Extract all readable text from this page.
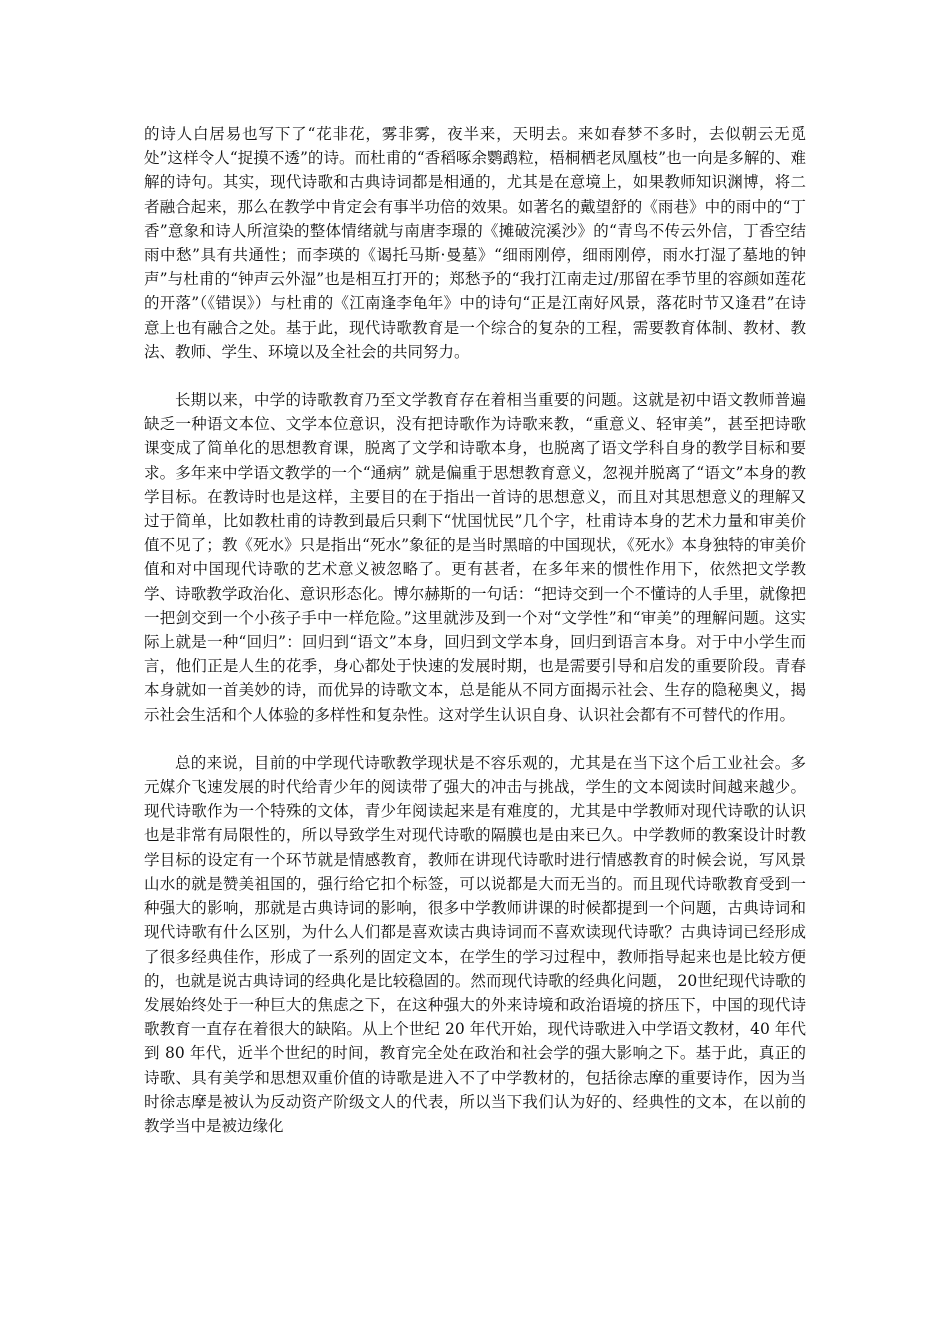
的诗人白居易也写下了“花非花，雾非雾，夜半来，天明去。来如春梦不多时，去似朝云无觅处”这样令人“捉摸不透”的诗。而杜甫的“香稻啄余鹦鹉粒，梧桐栖老凤凰枝”也一向是多解的、难解的诗句。其实，现代诗歌和古典诗词都是相通的，尤其是在意境上，如果教师知识渊博，将二者融合起来，那么在教学中肯定会有事半功倍的效果。如著名的戴望舒的《雨巷》中的雨中的“丁香”意象和诗人所渲染的整体情绪就与南唐李璟的《摊破浣溪沙》的“青鸟不传云外信，丁香空结雨中愁”具有共通性；而李瑛的《谒托马斯·曼墓》“细雨刚停，细雨刚停，雨水打湿了墓地的钟声”与杜甫的“钟声云外湿”也是相互打开的；郑愁予的“我打江南走过/那留在季节里的容颜如莲花的开落”（《错误》）与杜甫的《江南逢李龟年》中的诗句“正是江南好风景，落花时节又逢君”在诗意上也有融合之处。基于此，现代诗歌教育是一个综合的复杂的工程，需要教育体制、教材、教法、教师、学生、环境以及全社会的共同努力。

长期以来，中学的诗歌教育乃至文学教育存在着相当重要的问题。这就是初中语文教师普遍缺乏一种语文本位、文学本位意识，没有把诗歌作为诗歌来教，“重意义、轻审美”，甚至把诗歌课变成了简单化的思想教育课，脱离了文学和诗歌本身，也脱离了语文学科自身的教学目标和要求。多年来中学语文教学的一个“通病” 就是偏重于思想教育意义，忽视并脱离了“语文”本身的教学目标。在教诗时也是这样，主要目的在于指出一首诗的思想意义，而且对其思想意义的理解又过于简单，比如教杜甫的诗教到最后只剩下“忧国忧民”几个字，杜甫诗本身的艺术力量和审美价值不见了；教《死水》只是指出“死水”象征的是当时黑暗的中国现状，《死水》本身独特的审美价值和对中国现代诗歌的艺术意义被忽略了。更有甚者，在多年来的惯性作用下，依然把文学教学、诗歌教学政治化、意识形态化。博尔赫斯的一句话：“把诗交到一个不懂诗的人手里，就像把一把剑交到一个小孩子手中一样危险。”这里就涉及到一个对“文学性”和“审美”的理解问题。这实际上就是一种“回归”：回归到“语文”本身，回归到文学本身，回归到语言本身。对于中小学生而言，他们正是人生的花季，身心都处于快速的发展时期，也是需要引导和启发的重要阶段。青春本身就如一首美妙的诗，而优异的诗歌文本，总是能从不同方面揭示社会、生存的隐秘奥义，揭示社会生活和个人体验的多样性和复杂性。这对学生认识自身、认识社会都有不可替代的作用。

总的来说，目前的中学现代诗歌教学现状是不容乐观的，尤其是在当下这个后工业社会。多元媒介飞速发展的时代给青少年的阅读带了强大的冲击与挑战，学生的文本阅读时间越来越少。现代诗歌作为一个特殊的文体，青少年阅读起来是有难度的，尤其是中学教师对现代诗歌的认识也是非常有局限性的，所以导致学生对现代诗歌的隔膜也是由来已久。中学教师的教案设计时教学目标的设定有一个环节就是情感教育，教师在讲现代诗歌时进行情感教育的时候会说，写风景山水的就是赞美祖国的，强行给它扣个标签，可以说都是大而无当的。而且现代诗歌教育受到一种强大的影响，那就是古典诗词的影响，很多中学教师讲课的时候都提到一个问题，古典诗词和现代诗歌有什么区别，为什么人们都是喜欢读古典诗词而不喜欢读现代诗歌？古典诗词已经形成了很多经典佳作，形成了一系列的固定文本，在学生的学习过程中，教师指导起来也是比较方便的，也就是说古典诗词的经典化是比较稳固的。然而现代诗歌的经典化问题， 20世纪现代诗歌的发展始终处于一种巨大的焦虑之下，在这种强大的外来诗境和政治语境的挤压下，中国的现代诗歌教育一直存在着很大的缺陷。从上个世纪 20 年代开始，现代诗歌进入中学语文教材，40 年代到 80 年代，近半个世纪的时间，教育完全处在政治和社会学的强大影响之下。基于此，真正的诗歌、具有美学和思想双重价值的诗歌是进入不了中学教材的，包括徐志摩的重要诗作，因为当时徐志摩是被认为反动资产阶级文人的代表，所以当下我们认为好的、经典性的文本，在以前的教学当中是被边缘化
